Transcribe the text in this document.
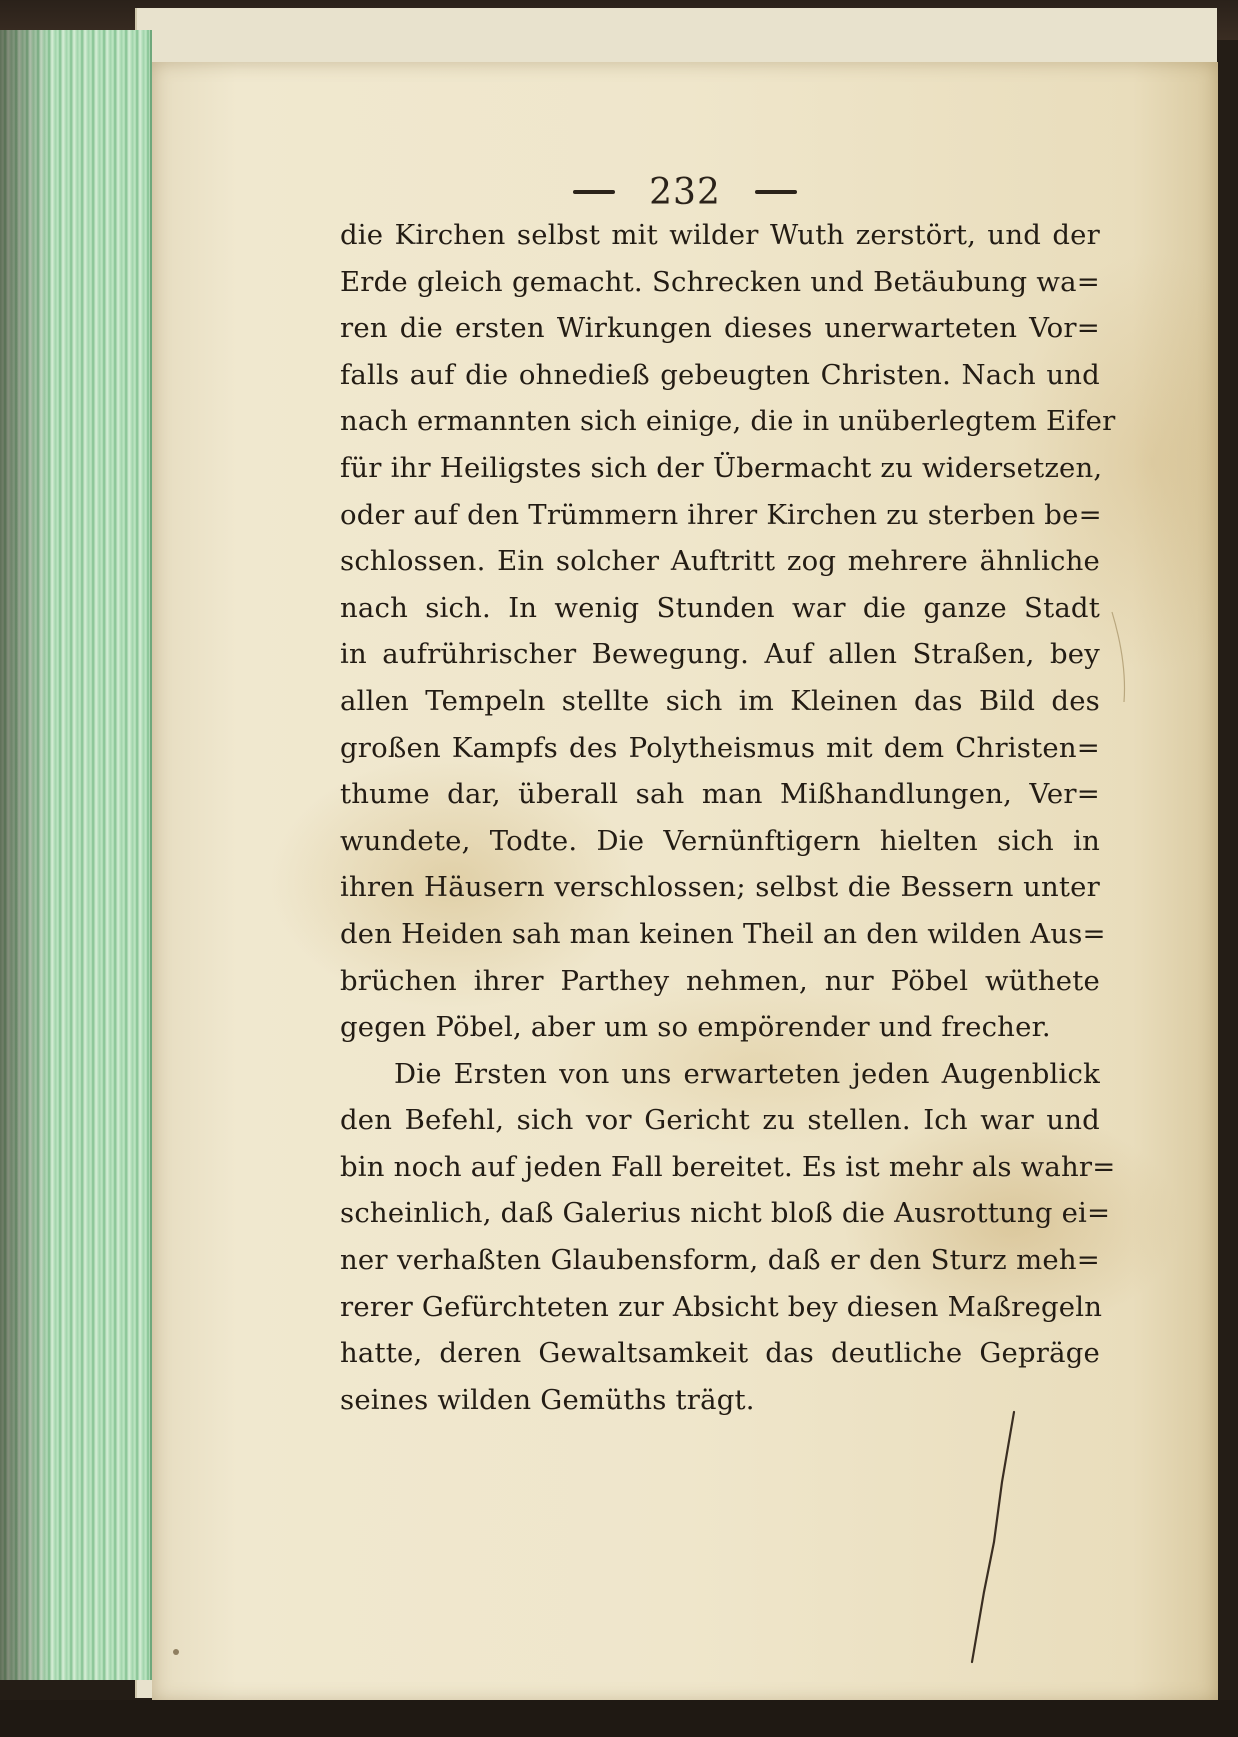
232
die Kirchen selbst mit wilder Wuth zerstört, und der
Erde gleich gemacht. Schrecken und Betäubung wa=
ren die ersten Wirkungen dieses unerwarteten Vor=
falls auf die ohnedieß gebeugten Christen. Nach und
nach ermannten sich einige, die in unüberlegtem Eifer
für ihr Heiligstes sich der Übermacht zu widersetzen,
oder auf den Trümmern ihrer Kirchen zu sterben be=
schlossen. Ein solcher Auftritt zog mehrere ähnliche
nach sich. In wenig Stunden war die ganze Stadt
in aufrührischer Bewegung. Auf allen Straßen, bey
allen Tempeln stellte sich im Kleinen das Bild des
großen Kampfs des Polytheismus mit dem Christen=
thume dar, überall sah man Mißhandlungen, Ver=
wundete, Todte. Die Vernünftigern hielten sich in
ihren Häusern verschlossen; selbst die Bessern unter
den Heiden sah man keinen Theil an den wilden Aus=
brüchen ihrer Parthey nehmen, nur Pöbel wüthete
gegen Pöbel, aber um so empörender und frecher.
Die Ersten von uns erwarteten jeden Augenblick
den Befehl, sich vor Gericht zu stellen. Ich war und
bin noch auf jeden Fall bereitet. Es ist mehr als wahr=
scheinlich, daß Galerius nicht bloß die Ausrottung ei=
ner verhaßten Glaubensform, daß er den Sturz meh=
rerer Gefürchteten zur Absicht bey diesen Maßregeln
hatte, deren Gewaltsamkeit das deutliche Gepräge
seines wilden Gemüths trägt.
